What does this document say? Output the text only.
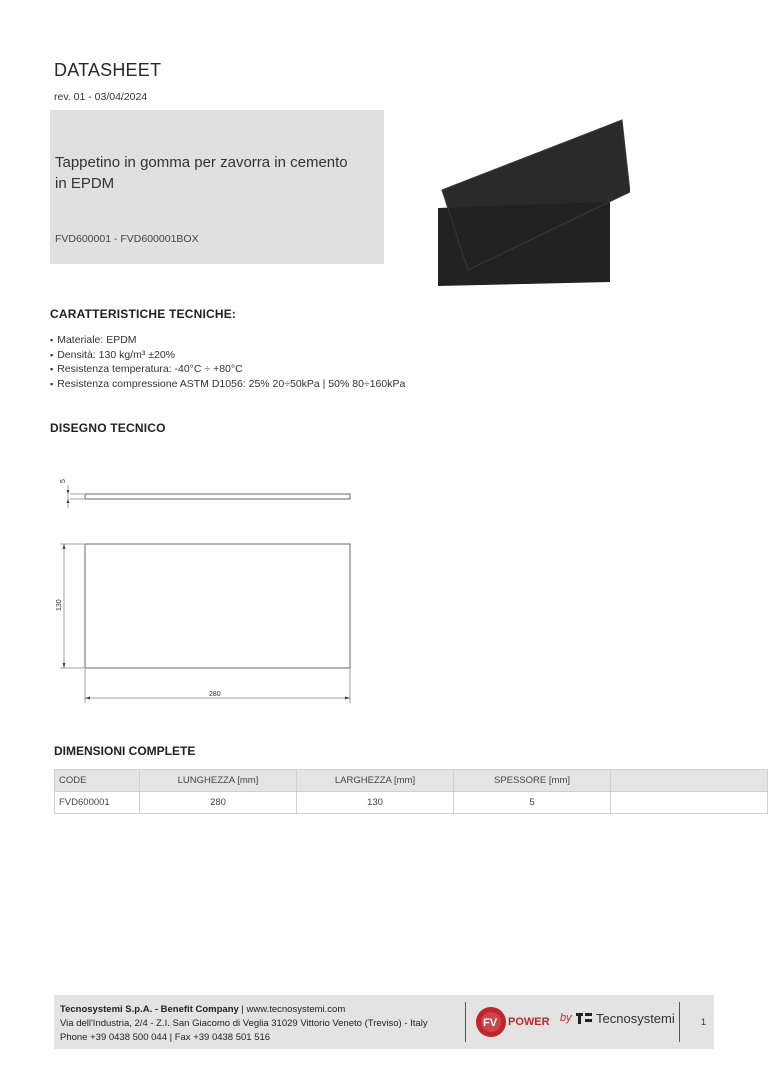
DATASHEET
rev. 01 - 03/04/2024
Tappetino in gomma per zavorra in cemento in EPDM
FVD600001 - FVD600001BOX
CARATTERISTICHE TECNICHE:
▪ Materiale: EPDM
▪ Densità: 130 kg/m³ ±20%
▪ Resistenza temperatura: -40°C ÷ +80°C
▪ Resistenza compressione ASTM D1056: 25% 20÷50kPa | 50% 80÷160kPa
DISEGNO TECNICO
5
130
280
DIMENSIONI COMPLETE
CODE	LUNGHEZZA [mm]	LARGHEZZA [mm]	SPESSORE [mm]	
FVD600001	280	130	5	
Tecnosystemi S.p.A. - Benefit Company | www.tecnosystemi.com
Via dell'Industria, 2/4 - Z.I. San Giacomo di Veglia 31029 Vittorio Veneto (Treviso) - Italy
Phone +39 0438 500 044 | Fax +39 0438 501 516
FV POWER by Tecnosystemi	1
